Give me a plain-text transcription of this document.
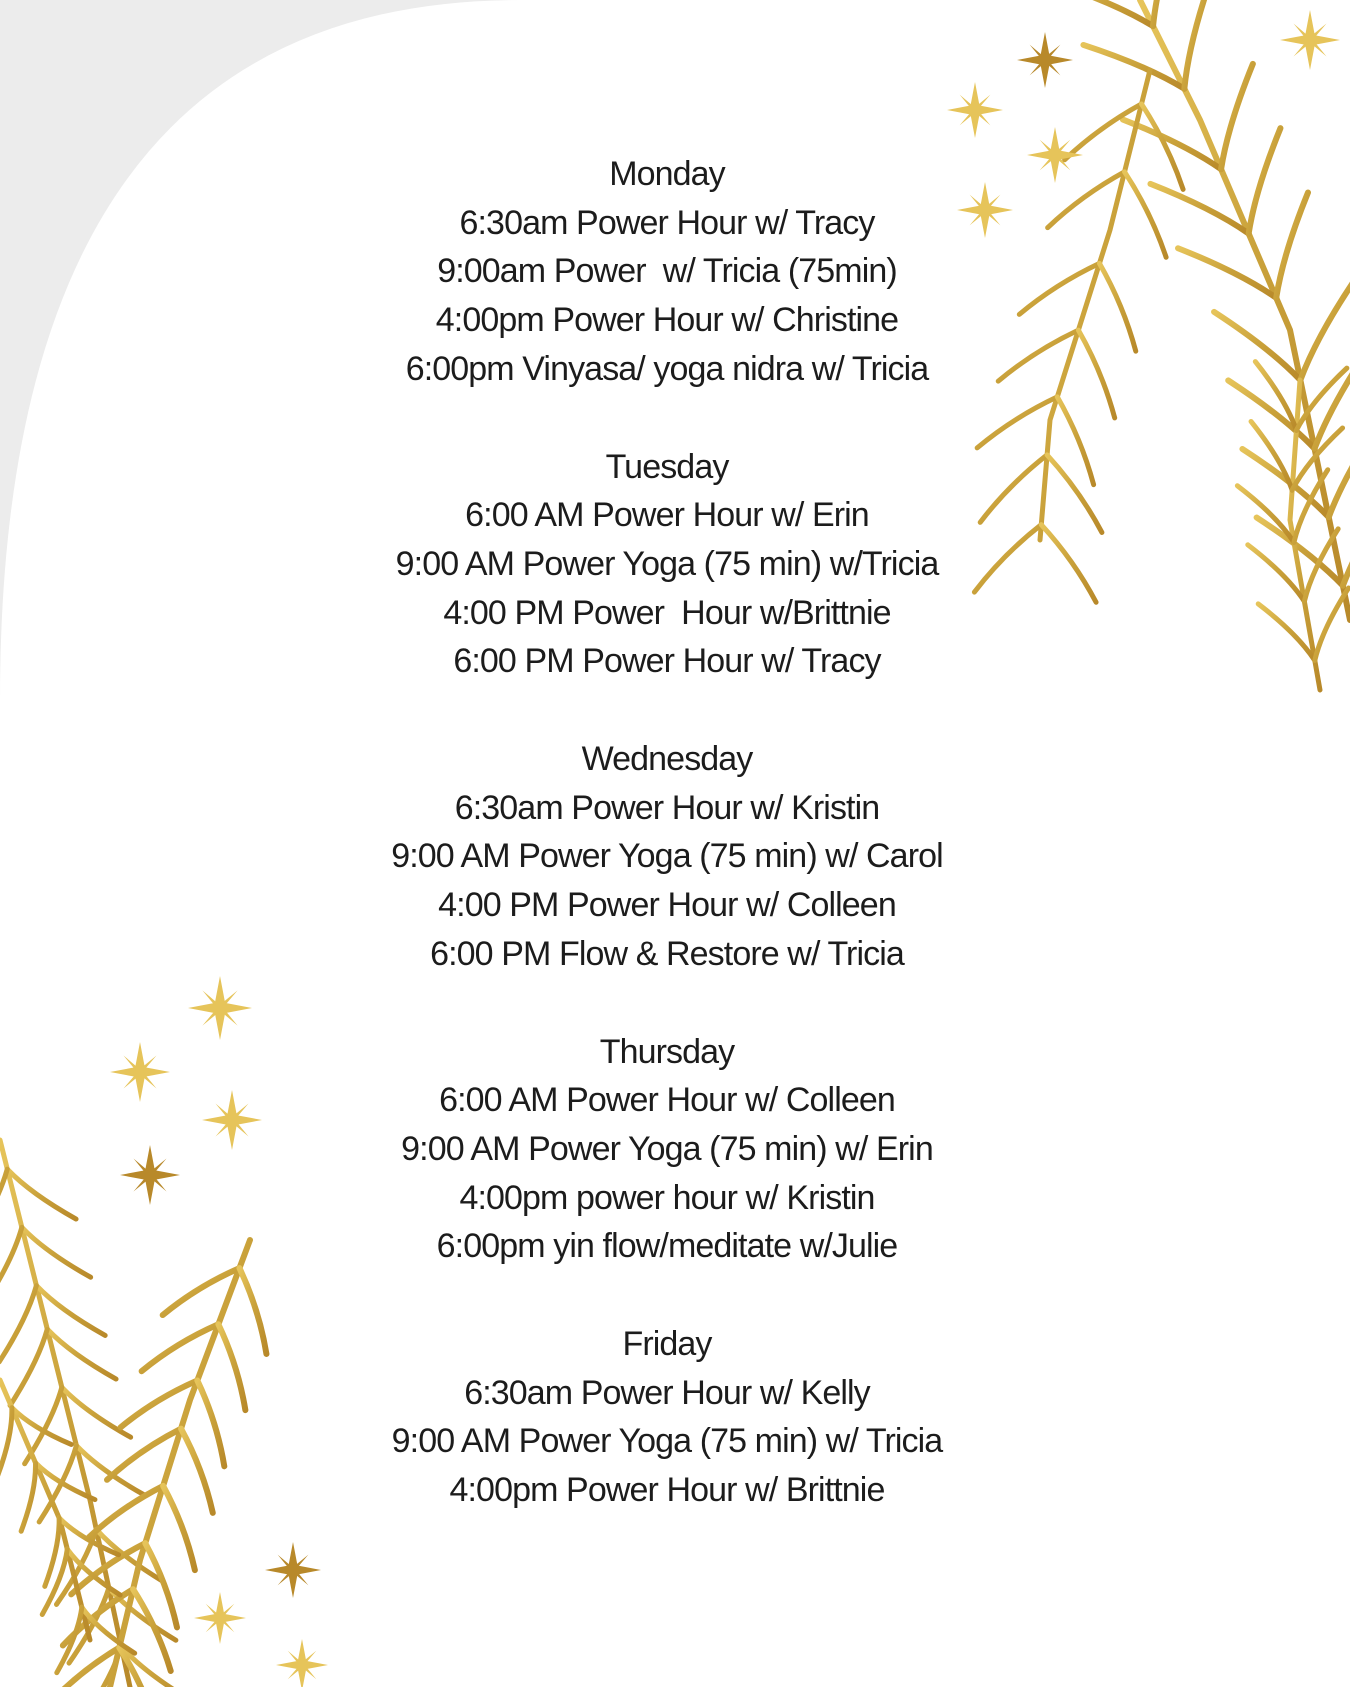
Monday
6:30am Power Hour w/ Tracy
9:00am Power  w/ Tricia (75min)
4:00pm Power Hour w/ Christine
6:00pm Vinyasa/ yoga nidra w/ Tricia
Tuesday
6:00 AM Power Hour w/ Erin
9:00 AM Power Yoga (75 min) w/Tricia
4:00 PM Power  Hour w/Brittnie
6:00 PM Power Hour w/ Tracy
Wednesday
6:30am Power Hour w/ Kristin
9:00 AM Power Yoga (75 min) w/ Carol
4:00 PM Power Hour w/ Colleen
6:00 PM Flow & Restore w/ Tricia
Thursday
6:00 AM Power Hour w/ Colleen
9:00 AM Power Yoga (75 min) w/ Erin
4:00pm power hour w/ Kristin
6:00pm yin flow/meditate w/Julie
Friday
6:30am Power Hour w/ Kelly
9:00 AM Power Yoga (75 min) w/ Tricia
4:00pm Power Hour w/ Brittnie
